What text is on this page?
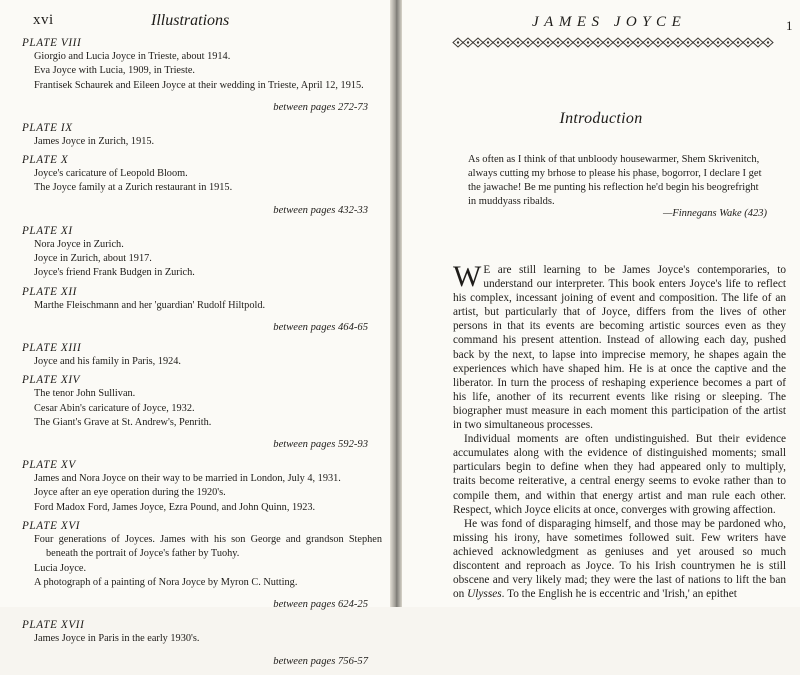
xvi	Illustrations
PLATE VIII
Giorgio and Lucia Joyce in Trieste, about 1914.
Eva Joyce with Lucia, 1909, in Trieste.
Frantisek Schaurek and Eileen Joyce at their wedding in Trieste, April 12, 1915.
between pages 272-73
PLATE IX
James Joyce in Zurich, 1915.
PLATE X
Joyce's caricature of Leopold Bloom.
The Joyce family at a Zurich restaurant in 1915.
between pages 432-33
PLATE XI
Nora Joyce in Zurich.
Joyce in Zurich, about 1917.
Joyce's friend Frank Budgen in Zurich.
PLATE XII
Marthe Fleischmann and her 'guardian' Rudolf Hiltpold.
between pages 464-65
PLATE XIII
Joyce and his family in Paris, 1924.
PLATE XIV
The tenor John Sullivan.
Cesar Abin's caricature of Joyce, 1932.
The Giant's Grave at St. Andrew's, Penrith.
between pages 592-93
PLATE XV
James and Nora Joyce on their way to be married in London, July 4, 1931.
Joyce after an eye operation during the 1920's.
Ford Madox Ford, James Joyce, Ezra Pound, and John Quinn, 1923.
PLATE XVI
Four generations of Joyces. James with his son George and grandson Stephen beneath the portrait of Joyce's father by Tuohy.
Lucia Joyce.
A photograph of a painting of Nora Joyce by Myron C. Nutting.
between pages 624-25
PLATE XVII
James Joyce in Paris in the early 1930's.
between pages 756-57
JAMES JOYCE	1
Introduction
As often as I think of that unbloody housewarmer, Shem Skrivenitch, always cutting my brhose to please his phase, bogorror, I declare I get the jawache! Be me punting his reflection he'd begin his beogrefright in muddyass ribalds.
—Finnegans Wake (423)

W E are still learning to be James Joyce's contemporaries, to understand our interpreter. This book enters Joyce's life to reflect his complex, incessant joining of event and composition. The life of an artist, but particularly that of Joyce, differs from the lives of other persons in that its events are becoming artistic sources even as they command his present attention. Instead of allowing each day, pushed back by the next, to lapse into imprecise memory, he shapes again the experiences which have shaped him. He is at once the captive and the liberator. In turn the process of reshaping experience becomes a part of his life, another of its recurrent events like rising or sleeping. The biographer must measure in each moment this participation of the artist in two simultaneous processes.

Individual moments are often undistinguished. But their evidence accumulates along with the evidence of distinguished moments; small particulars begin to define when they had appeared only to multiply, traits become reiterative, a central energy seems to evoke rather than to compile them, and within that energy artist and man rule each other. Respect, which Joyce elicits at once, converges with growing affection.

He was fond of disparaging himself, and those may be pardoned who, missing his irony, have sometimes followed suit. Few writers have achieved acknowledgment as geniuses and yet aroused so much discontent and reproach as Joyce. To his Irish countrymen he is still obscene and very likely mad; they were the last of nations to lift the ban on Ulysses. To the English he is eccentric and 'Irish,' an epithet
